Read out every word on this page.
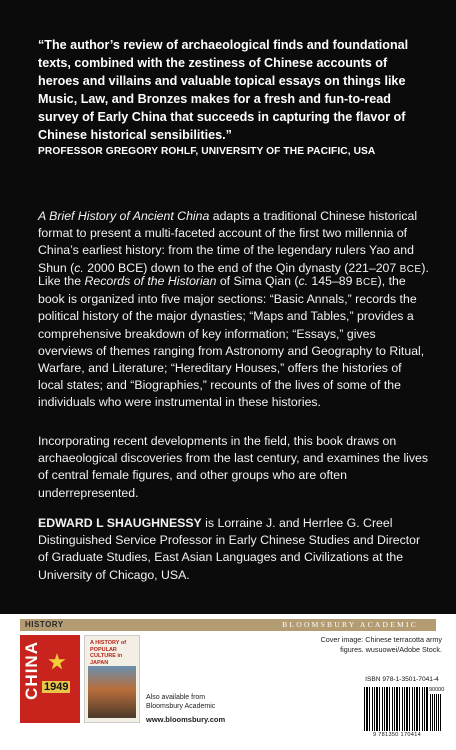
“The author’s review of archaeological finds and foundational texts, combined with the zestiness of Chinese accounts of heroes and villains and valuable topical essays on things like Music, Law, and Bronzes makes for a fresh and fun-to-read survey of Early China that succeeds in capturing the flavor of Chinese historical sensibilities.”
PROFESSOR GREGORY ROHLF, UNIVERSITY OF THE PACIFIC, USA

A Brief History of Ancient China adapts a traditional Chinese historical format to present a multi-faceted account of the first two millennia of China’s earliest history: from the time of the legendary rulers Yao and Shun (c. 2000 BCE) down to the end of the Qin dynasty (221–207 BCE).

Like the Records of the Historian of Sima Qian (c. 145–89 BCE), the book is organized into five major sections: “Basic Annals,” records the political history of the major dynasties; “Maps and Tables,” provides a comprehensive breakdown of key information; “Essays,” gives overviews of themes ranging from Astronomy and Geography to Ritual, Warfare, and Literature; “Hereditary Houses,” offers the histories of local states; and “Biographies,” recounts of the lives of some of the individuals who were instrumental in these histories.

Incorporating recent developments in the field, this book draws on archaeological discoveries from the last century, and examines the lives of central female figures, and other groups who are often underrepresented.

EDWARD L SHAUGHNESSY is Lorraine J. and Herrlee G. Creel Distinguished Service Professor in Early Chinese Studies and Director of Graduate Studies, East Asian Languages and Civilizations at the University of Chicago, USA.

HISTORY	BLOOMSBURY ACADEMIC
CHINA 1949
A HISTORY of POPULAR CULTURE in JAPAN

Also available from Bloomsbury Academic

www.bloomsbury.com

Cover image: Chinese terracotta army figures. wusuowei/Adobe Stock.

ISBN 978-1-3501-7041-4
90000
9 781350 170414
